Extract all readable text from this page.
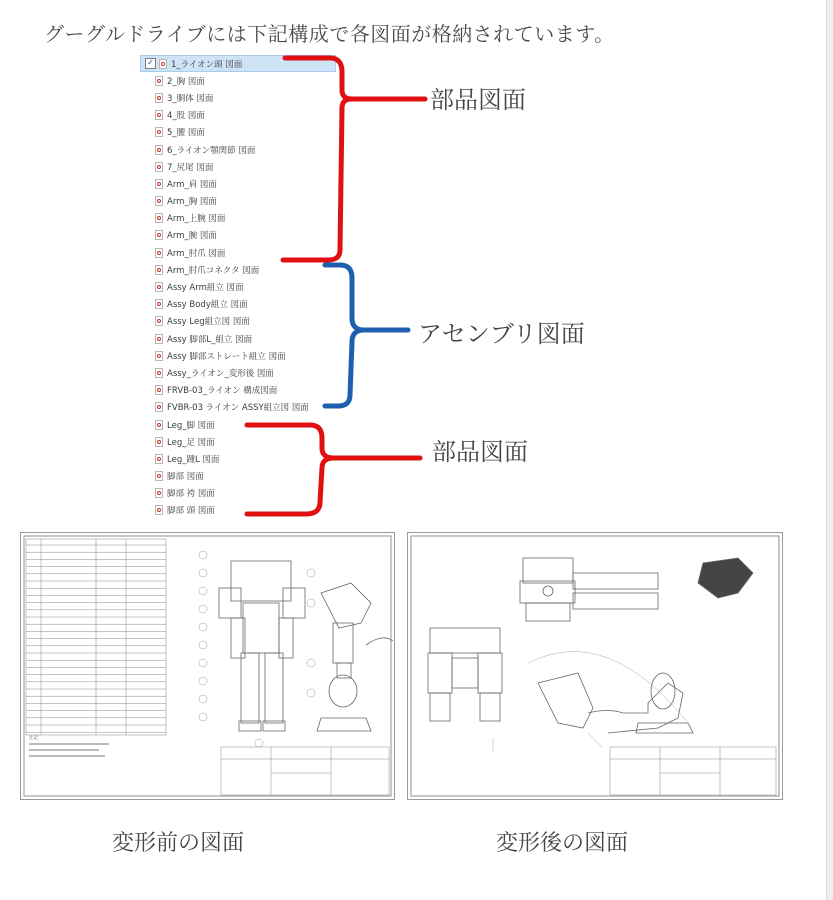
グーグルドライブには下記構成で各図面が格納されています。
✓ 1_ライオン頭 図面
2_胸 図面
3_胴体 図面
4_股 図面
5_腰 図面
6_ライオン顎関節 図面
7_尻尾 図面
Arm_肩 図面
Arm_胸 図面
Arm_上腕 図面
Arm_腕 図面
Arm_肘爪 図面
Arm_肘爪コネクタ 図面
Assy Arm組立 図面
Assy Body組立 図面
Assy Leg組立図 図面
Assy 脚部L_組立 図面
Assy 脚部ストレート組立 図面
Assy_ライオン_変形後 図面
FRVB-03_ライオン 構成図面
FVBR-03 ライオン ASSY組立図 図面
Leg_脚 図面
Leg_足 図面
Leg_踵L 図面
脚部 図面
脚部 袴 図面
脚部 頭 図面
部品図面
アセンブリ図面
部品図面
注記
変形前の図面	変形後の図面
